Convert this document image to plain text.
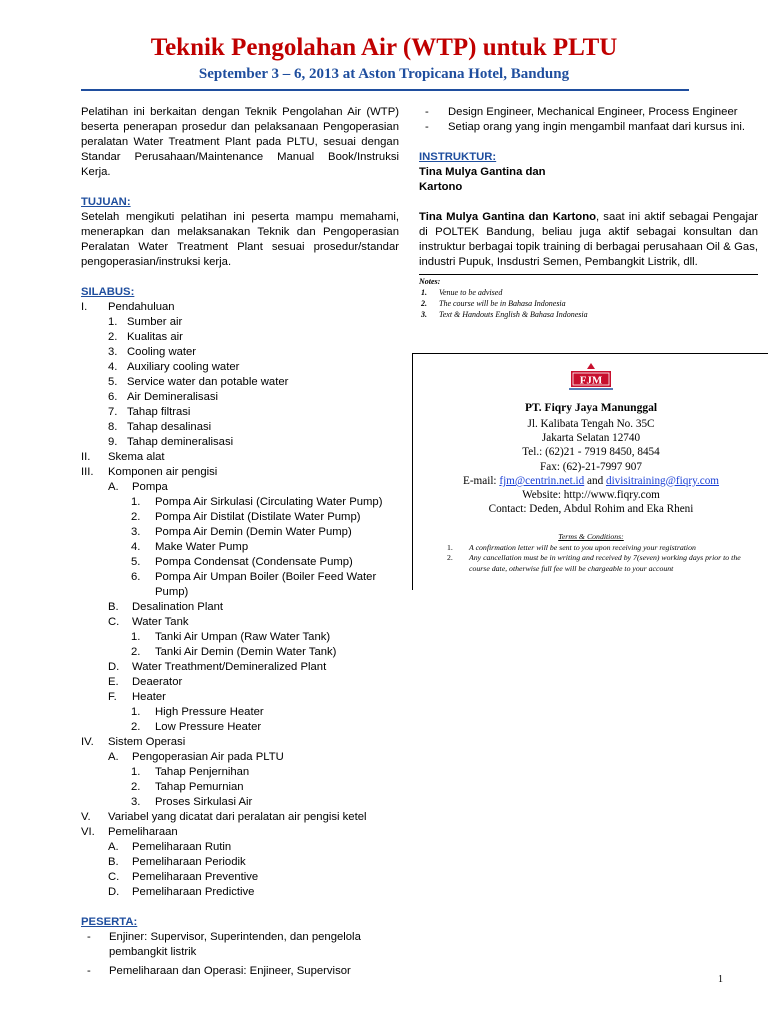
Teknik Pengolahan Air (WTP) untuk PLTU
September 3 – 6, 2013 at Aston Tropicana Hotel, Bandung
Pelatihan ini berkaitan dengan Teknik Pengolahan Air (WTP) beserta penerapan prosedur dan pelaksanaan Pengoperasian peralatan Water Treatment Plant pada PLTU, sesuai dengan Standar Perusahaan/Maintenance Manual Book/Instruksi Kerja.
TUJUAN:
Setelah mengikuti pelatihan ini peserta mampu memahami, menerapkan dan melaksanakan Teknik dan Pengoperasian Peralatan Water Treatment Plant sesuai prosedur/standar pengoperasian/instruksi kerja.
SILABUS:
I. Pendahuluan
1. Sumber air
2. Kualitas air
3. Cooling water
4. Auxiliary cooling water
5. Service water dan potable water
6. Air Demineralisasi
7. Tahap filtrasi
8. Tahap desalinasi
9. Tahap demineralisasi
II. Skema alat
III. Komponen air pengisi
A. Pompa
1. Pompa Air Sirkulasi (Circulating Water Pump)
2. Pompa Air Distilat (Distilate Water Pump)
3. Pompa Air Demin (Demin Water Pump)
4. Make Water Pump
5. Pompa Condensat (Condensate Pump)
6. Pompa Air Umpan Boiler (Boiler Feed Water Pump)
B. Desalination Plant
C. Water Tank
1. Tanki Air Umpan (Raw Water Tank)
2. Tanki Air Demin (Demin Water Tank)
D. Water Treathment/Demineralized Plant
E. Deaerator
F. Heater
1. High Pressure Heater
2. Low Pressure Heater
IV. Sistem Operasi
A. Pengoperasian Air pada PLTU
1. Tahap Penjernihan
2. Tahap Pemurnian
3. Proses Sirkulasi Air
V. Variabel yang dicatat dari peralatan air pengisi ketel
VI. Pemeliharaan
A. Pemeliharaan Rutin
B. Pemeliharaan Periodik
C. Pemeliharaan Preventive
D. Pemeliharaan Predictive
PESERTA:
- Enjiner: Supervisor, Superintenden, dan pengelola pembangkit listrik
- Pemeliharaan dan Operasi: Enjineer, Supervisor
- Design Engineer, Mechanical Engineer, Process Engineer
- Setiap orang yang ingin mengambil manfaat dari kursus ini.
INSTRUKTUR:
Tina Mulya Gantina dan
Kartono
Tina Mulya Gantina dan Kartono, saat ini aktif sebagai Pengajar di POLTEK Bandung, beliau juga aktif sebagai konsultan dan instruktur berbagai topik training di berbagai perusahaan Oil & Gas, industri Pupuk, Insdustri Semen, Pembangkit Listrik, dll.
Notes:
1. Venue to be advised
2. The course will be in Bahasa Indonesia
3. Text & Handouts English & Bahasa Indonesia
FJM
PT. Fiqry Jaya Manunggal
Jl. Kalibata Tengah No. 35C
Jakarta Selatan 12740
Tel.: (62)21 - 7919 8450, 8454
Fax: (62)-21-7997 907
E-mail: fjm@centrin.net.id and divisitraining@fiqry.com
Website: http://www.fiqry.com
Contact: Deden, Abdul Rohim and Eka Rheni
Terms & Conditions:
1. A confirmation letter will be sent to you upon receiving your registration
2. Any cancellation must be in writing and received by 7(seven) working days prior to the course date, otherwise full fee will be chargeable to your account
1
